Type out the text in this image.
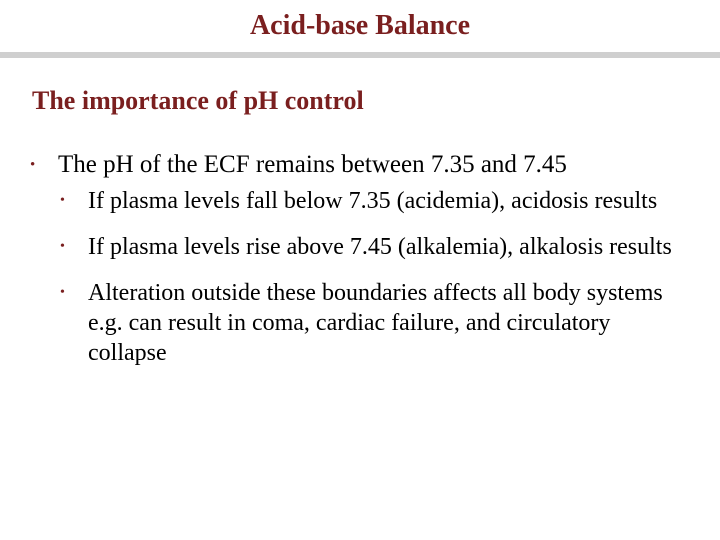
Acid-base Balance
The importance of pH control
• The pH of the ECF remains between 7.35 and 7.45
• If plasma levels fall below 7.35 (acidemia), acidosis results
• If plasma levels rise above 7.45 (alkalemia), alkalosis results
• Alteration outside these boundaries affects all body systems e.g. can result in coma, cardiac failure, and circulatory collapse
